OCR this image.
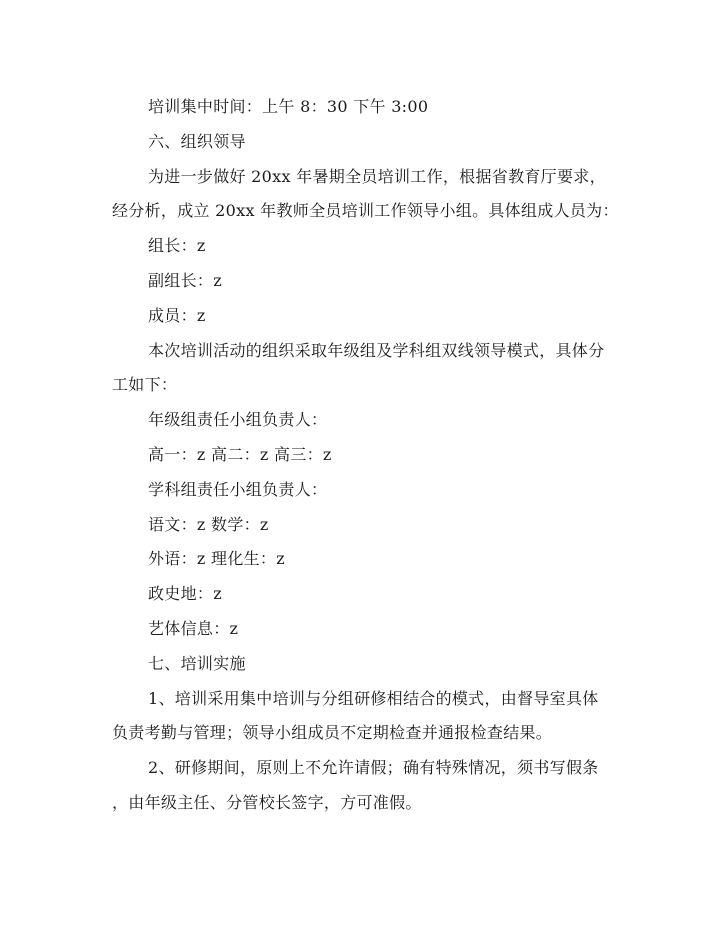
培训集中时间：上午 8：30 下午 3:00
六、组织领导
为进一步做好 20xx 年暑期全员培训工作，根据省教育厅要求，
经分析，成立 20xx 年教师全员培训工作领导小组。具体组成人员为：
组长：z
副组长：z
成员：z
本次培训活动的组织采取年级组及学科组双线领导模式，具体分
工如下：
年级组责任小组负责人：
高一：z 高二：z 高三：z
学科组责任小组负责人：
语文：z 数学：z
外语：z 理化生：z
政史地：z
艺体信息：z
七、培训实施
1、培训采用集中培训与分组研修相结合的模式，由督导室具体
负责考勤与管理；领导小组成员不定期检查并通报检查结果。
2、研修期间，原则上不允许请假；确有特殊情况，须书写假条
，由年级主任、分管校长签字，方可准假。
